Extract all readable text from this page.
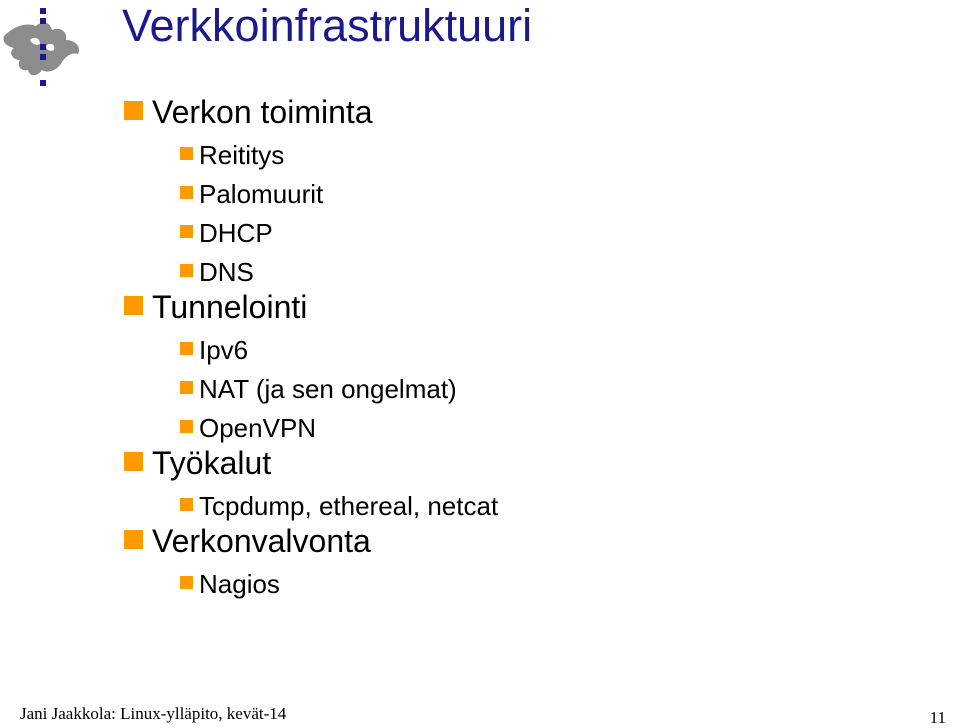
Verkkoinfrastruktuuri
Verkon toiminta
Reititys
Palomuurit
DHCP
DNS
Tunnelointi
Ipv6
NAT (ja sen ongelmat)
OpenVPN
Työkalut
Tcpdump, ethereal, netcat
Verkonvalvonta
Nagios
Jani Jaakkola: Linux-ylläpito, kevät-14	11
